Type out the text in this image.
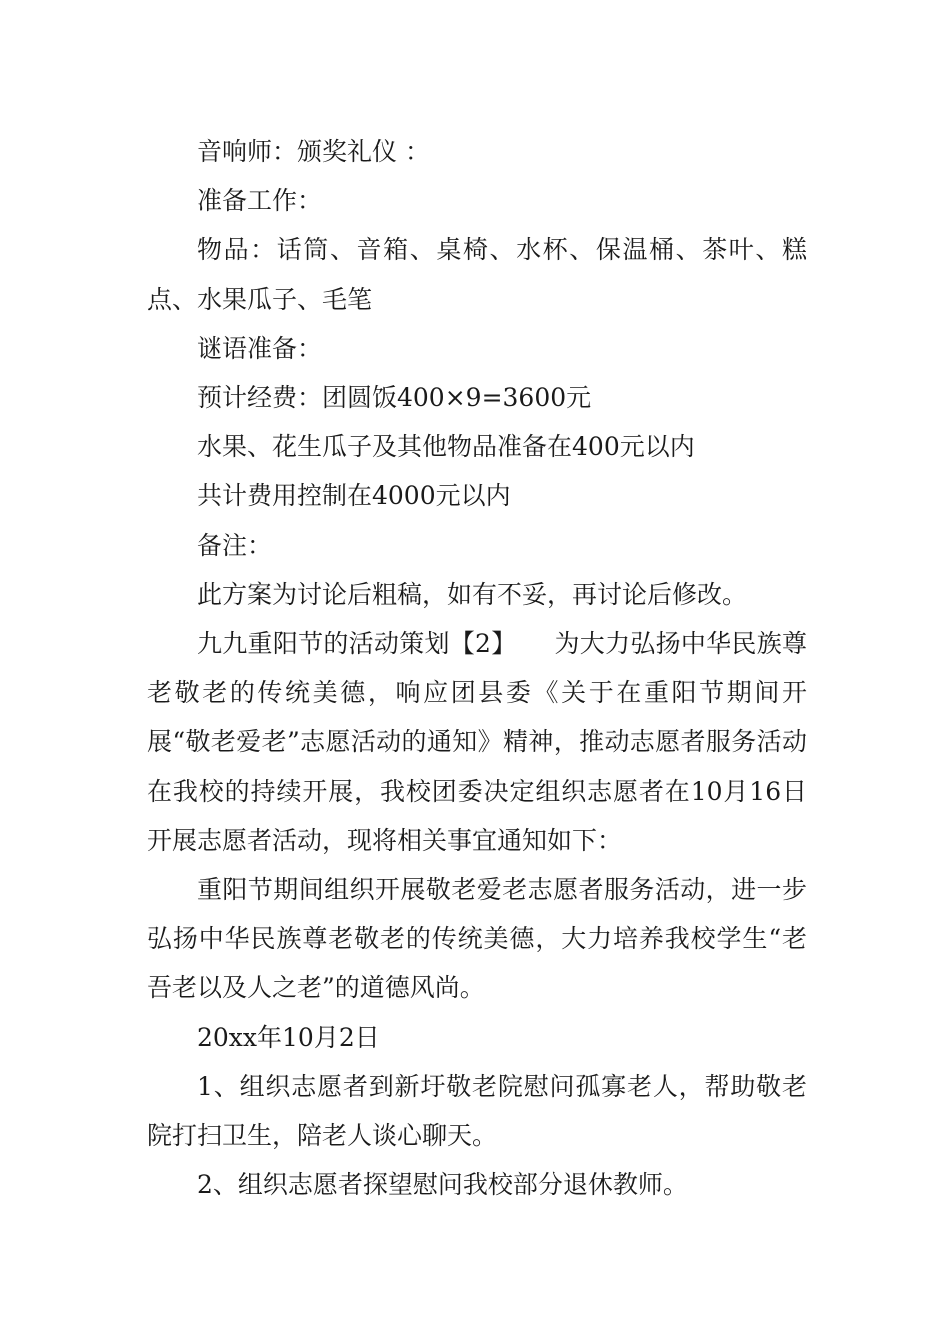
音响师：颁奖礼仪 ：

准备工作：

物品：话筒、音箱、桌椅、水杯、保温桶、茶叶、糕点、水果瓜子、毛笔

谜语准备：

预计经费：团圆饭400×9=3600元

水果、花生瓜子及其他物品准备在400元以内

共计费用控制在4000元以内

备注：

此方案为讨论后粗稿，如有不妥，再讨论后修改。

九九重阳节的活动策划【2】　　为大力弘扬中华民族尊老敬老的传统美德，响应团县委《关于在重阳节期间开展“敬老爱老”志愿活动的通知》精神，推动志愿者服务活动在我校的持续开展，我校团委决定组织志愿者在10月16日开展志愿者活动，现将相关事宜通知如下：

重阳节期间组织开展敬老爱老志愿者服务活动，进一步弘扬中华民族尊老敬老的传统美德，大力培养我校学生“老吾老以及人之老”的道德风尚。

20xx年10月2日

1、组织志愿者到新圩敬老院慰问孤寡老人，帮助敬老院打扫卫生，陪老人谈心聊天。

2、组织志愿者探望慰问我校部分退休教师。
